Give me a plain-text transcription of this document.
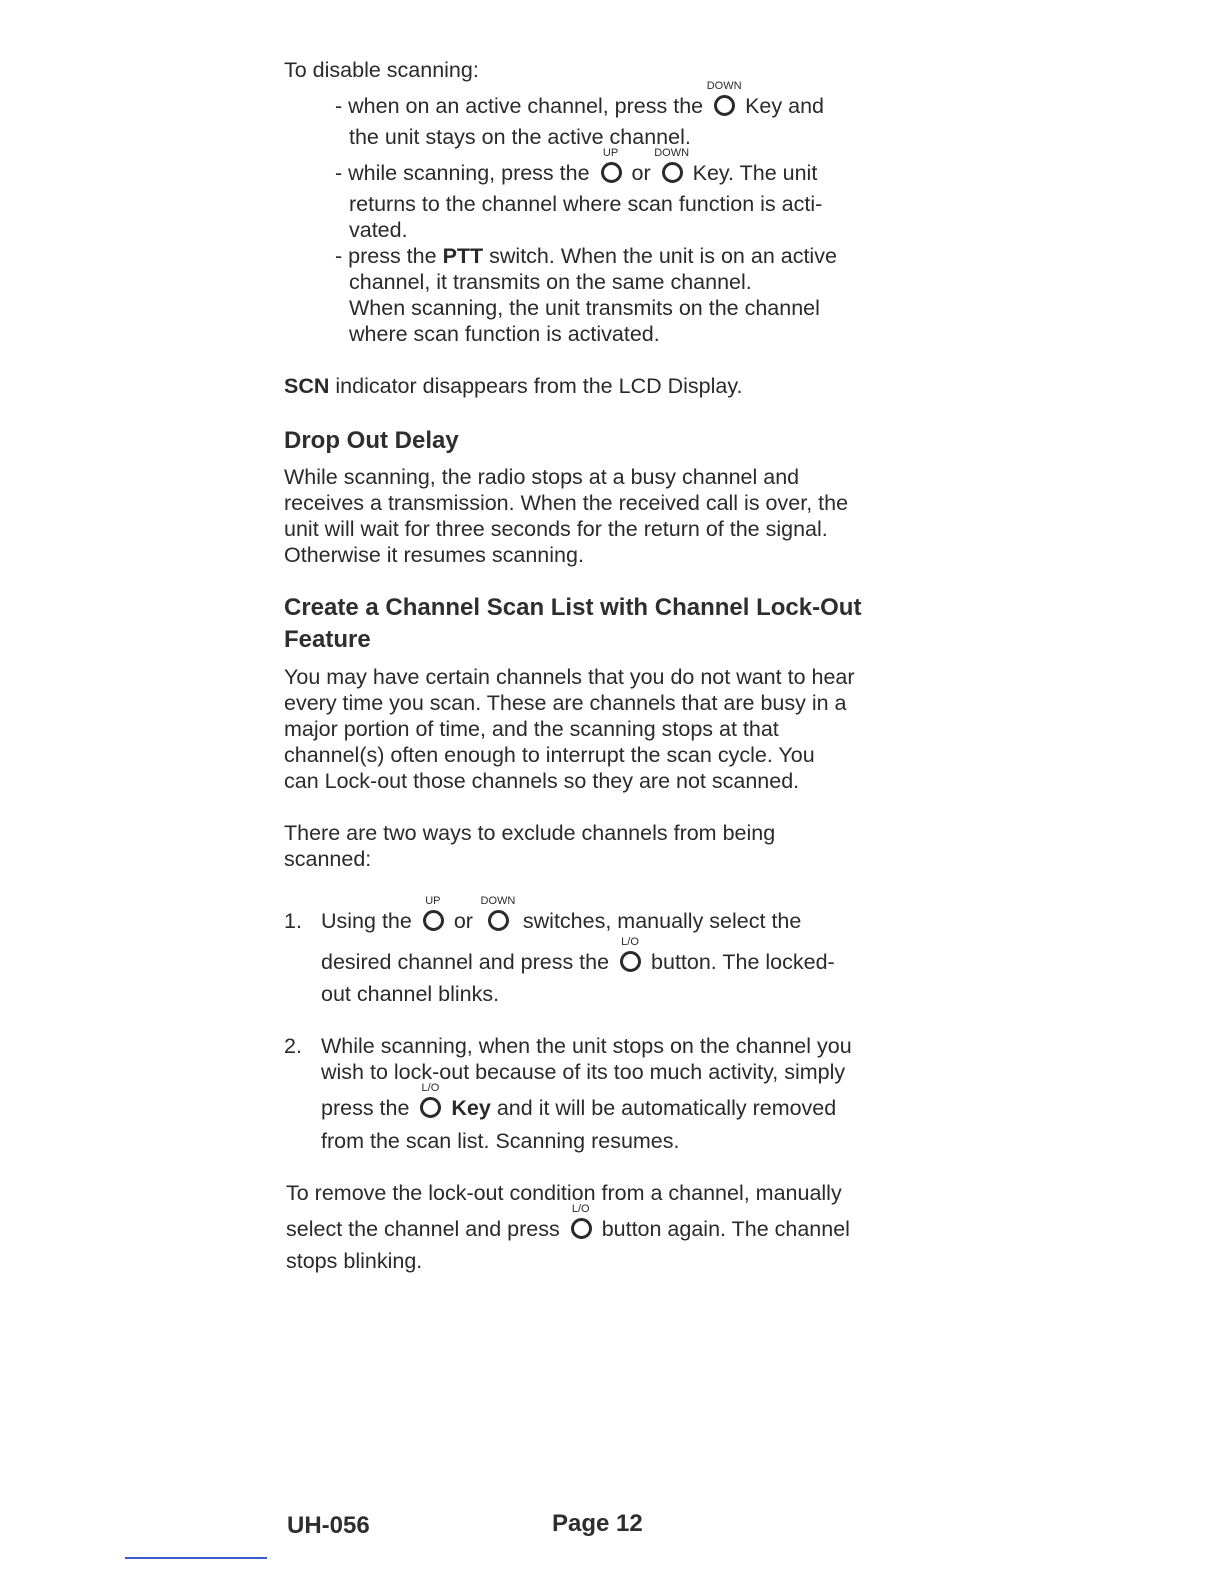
To disable scanning:
- when on an active channel, press the
DOWN
Key and
the unit stays on the active channel.
- while scanning, press the
UP
or
DOWN
Key. The unit
returns to the channel where scan function is acti-
vated.
- press the PTT switch. When the unit is on an active
channel, it transmits on the same channel.
When scanning, the unit transmits on the channel
where scan function is activated.
SCN indicator disappears from the LCD Display.
Drop Out Delay
While scanning, the radio stops at a busy channel and
receives a transmission. When the received call is over, the
unit will wait for three seconds for the return of the signal.
Otherwise it resumes scanning.
Create a Channel Scan List with Channel Lock-Out
Feature
You may have certain channels that you do not want to hear
every time you scan. These are channels that are busy in a
major portion of time, and the scanning stops at that
channel(s) often enough to interrupt the scan cycle. You
can Lock-out those channels so they are not scanned.
There are two ways to exclude channels from being
scanned:
1. Using the
UP
or
DOWN
switches, manually select the
desired channel and press the
L/O
button. The locked-
out channel blinks.
2. While scanning, when the unit stops on the channel you
wish to lock-out because of its too much activity, simply
press the
L/O
Key and it will be automatically removed
from the scan list. Scanning resumes.
To remove the lock-out condition from a channel, manually
select the channel and press
L/O
button again. The channel
stops blinking.
UH-056	Page 12
